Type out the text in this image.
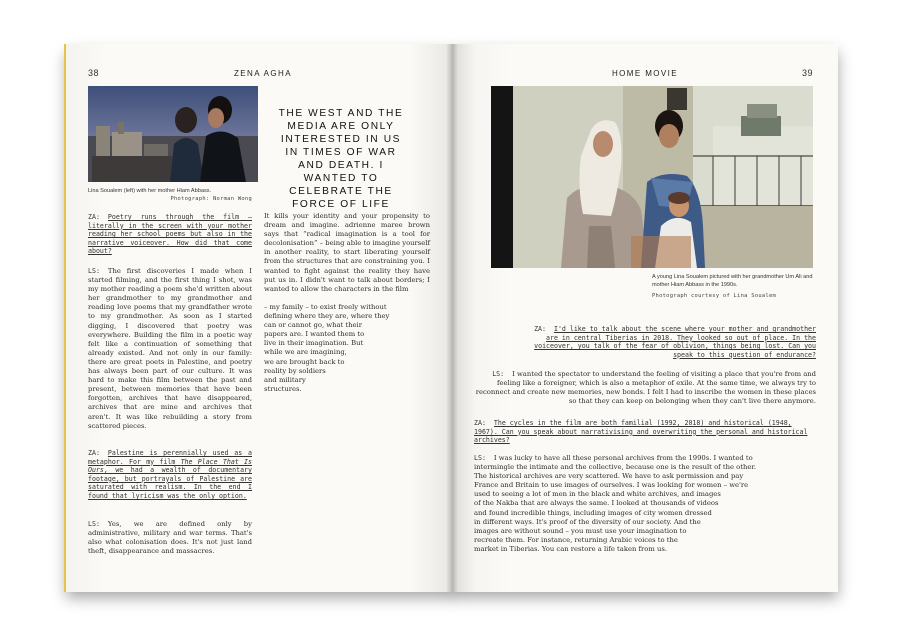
38	ZENA AGHA
Lina Soualem (left) with her mother Hiam Abbass.
Photograph: Norman Wong
THE WEST AND THE MEDIA ARE ONLY INTERESTED IN US IN TIMES OF WAR AND DEATH. I WANTED TO CELEBRATE THE FORCE OF LIFE
ZA: Poetry runs through the film – literally in the screen with your mother reading her school poems but also in the narrative voiceover. How did that come about?
LS: The first discoveries I made when I started filming, and the first thing I shot, was my mother reading a poem she'd written about her grandmother to my grandmother and reading love poems that my grandfather wrote to my grandmother. As soon as I started digging, I discovered that poetry was everywhere. Building the film in a poetic way felt like a continuation of something that already existed. And not only in our family: there are great poets in Palestine, and poetry has always been part of our culture. It was hard to make this film between the past and present, between memories that have been forgotten, archives that have disappeared, archives that are mine and archives that aren't. It was like rebuilding a story from scattered pieces.
ZA: Palestine is perennially used as a metaphor. For my film The Place That Is Ours, we had a wealth of documentary footage, but portrayals of Palestine are saturated with realism. In the end I found that lyricism was the only option.
LS: Yes, we are defined only by administrative, military and war terms. That's also what colonisation does. It's not just land theft, disappearance and massacres.
It kills your identity and your propensity to dream and imagine. adrienne maree brown says that “radical imagination is a tool for decolonisation” – being able to imagine yourself in another reality, to start liberating yourself from the structures that are constraining you. I wanted to fight against the reality they have put us in. I didn't want to talk about borders; I wanted to allow the characters in the film
– my family – to exist freely without
defining where they are, where they
can or cannot go, what their
papers are. I wanted them to
live in their imagination. But
while we are imagining,
we are brought back to
reality by soldiers
and military
structures.
HOME MOVIE	39
A young Lina Soualem pictured with her grandmother Um Ali and mother Hiam Abbass in the 1990s.
Photograph courtesy of Lina Soualem
ZA: I'd like to talk about the scene where your mother and grandmother are in central Tiberias in 2018. They looked so out of place. In the voiceover, you talk of the fear of oblivion, things being lost. Can you speak to this question of endurance?
LS: I wanted the spectator to understand the feeling of visiting a place that you're from and feeling like a foreigner, which is also a metaphor of exile. At the same time, we always try to reconnect and create new memories, new bonds. I felt I had to inscribe the women in these places so that they can keep on belonging when they can't live there anymore.
ZA: The cycles in the film are both familial (1992, 2018) and historical (1948, 1967). Can you speak about narrativising and overwriting the personal and historical archives?
LS: I was lucky to have all these personal archives from the 1990s. I wanted to
intermingle the intimate and the collective, because one is the result of the other.
The historical archives are very scattered. We have to ask permission and pay
France and Britain to use images of ourselves. I was looking for women – we're
used to seeing a lot of men in the black and white archives, and images
of the Nakba that are always the same. I looked at thousands of videos
and found incredible things, including images of city women dressed
in different ways. It's proof of the diversity of our society. And the
images are without sound – you must use your imagination to
recreate them. For instance, returning Arabic voices to the
market in Tiberias. You can restore a life taken from us.
